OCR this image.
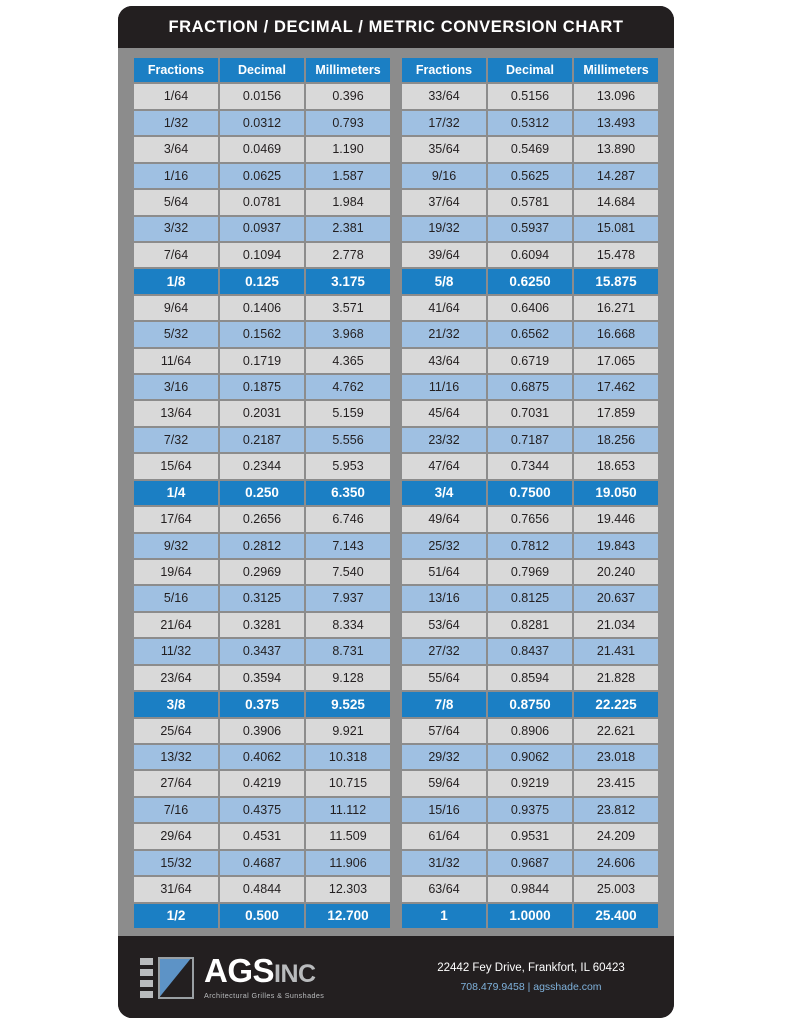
FRACTION / DECIMAL / METRIC CONVERSION CHART
Fractions	Decimal	Millimeters
1/64	0.0156	0.396
1/32	0.0312	0.793
3/64	0.0469	1.190
1/16	0.0625	1.587
5/64	0.0781	1.984
3/32	0.0937	2.381
7/64	0.1094	2.778
1/8	0.125	3.175
9/64	0.1406	3.571
5/32	0.1562	3.968
11/64	0.1719	4.365
3/16	0.1875	4.762
13/64	0.2031	5.159
7/32	0.2187	5.556
15/64	0.2344	5.953
1/4	0.250	6.350
17/64	0.2656	6.746
9/32	0.2812	7.143
19/64	0.2969	7.540
5/16	0.3125	7.937
21/64	0.3281	8.334
11/32	0.3437	8.731
23/64	0.3594	9.128
3/8	0.375	9.525
25/64	0.3906	9.921
13/32	0.4062	10.318
27/64	0.4219	10.715
7/16	0.4375	11.112
29/64	0.4531	11.509
15/32	0.4687	11.906
31/64	0.4844	12.303
1/2	0.500	12.700
Fractions	Decimal	Millimeters
33/64	0.5156	13.096
17/32	0.5312	13.493
35/64	0.5469	13.890
9/16	0.5625	14.287
37/64	0.5781	14.684
19/32	0.5937	15.081
39/64	0.6094	15.478
5/8	0.6250	15.875
41/64	0.6406	16.271
21/32	0.6562	16.668
43/64	0.6719	17.065
11/16	0.6875	17.462
45/64	0.7031	17.859
23/32	0.7187	18.256
47/64	0.7344	18.653
3/4	0.7500	19.050
49/64	0.7656	19.446
25/32	0.7812	19.843
51/64	0.7969	20.240
13/16	0.8125	20.637
53/64	0.8281	21.034
27/32	0.8437	21.431
55/64	0.8594	21.828
7/8	0.8750	22.225
57/64	0.8906	22.621
29/32	0.9062	23.018
59/64	0.9219	23.415
15/16	0.9375	23.812
61/64	0.9531	24.209
31/32	0.9687	24.606
63/64	0.9844	25.003
1	1.0000	25.400
AGSINC
Architectural Grilles & Sunshades
22442 Fey Drive, Frankfort, IL 60423
708.479.9458 | agsshade.com
